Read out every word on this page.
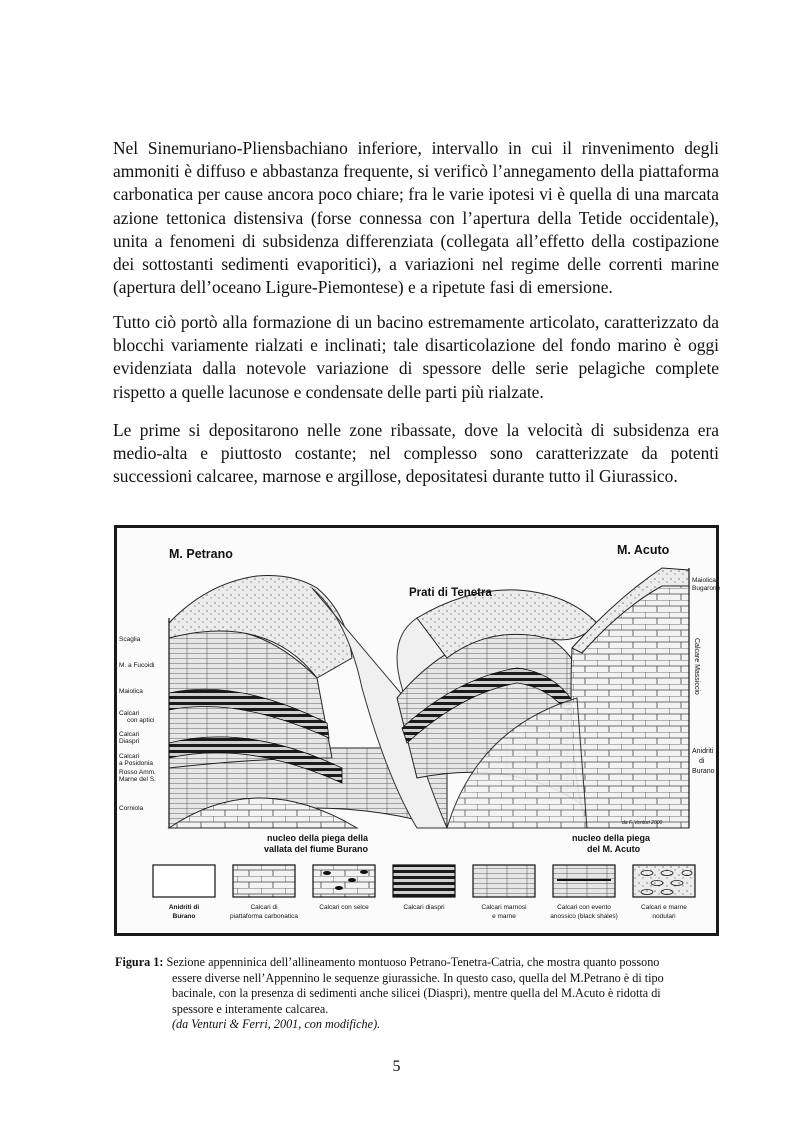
Nel Sinemuriano-Pliensbachiano inferiore, intervallo in cui il rinvenimento degli ammoniti è diffuso e abbastanza frequente, si verificò l’annegamento della piattaforma carbonatica per cause ancora poco chiare; fra le varie ipotesi vi è quella di una marcata azione tettonica distensiva (forse connessa con l’apertura della Tetide occidentale), unita a fenomeni di subsidenza differenziata (collegata all’effetto della costipazione dei sottostanti sedimenti evaporitici), a variazioni nel regime delle correnti marine (apertura dell’oceano Ligure-Piemontese) e a ripetute fasi di emersione.

Tutto ciò portò alla formazione di un bacino estremamente articolato, caratterizzato da blocchi variamente rialzati e inclinati; tale disarticolazione del fondo marino è oggi evidenziata dalla notevole variazione di spessore delle serie pelagiche complete rispetto a quelle lacunose e condensate delle parti più rialzate.

Le prime si depositarono nelle zone ribassate, dove la velocità di subsidenza era medio-alta e piuttosto costante; nel complesso sono caratterizzate da potenti successioni calcaree, marnose e argillose, depositatesi durante tutto il Giurassico.

M. Petrano	M. Acuto
Prati di Tenetra
Scaglia
M. a Fucoidi
Maiolica
Calcari
con aptici
Calcari
Diaspri
Calcari
a Posidonia
Rosso Amm.
Marne del S.
Corniola
Maiolica
Bugarone
Calcare Massiccio
Anidriti
di
Burano
da F. Venturi 2000
nucleo della piega della
vallata del fiume Burano
nucleo della piega
del M. Acuto
Anidriti di
Burano
Calcari di
piattaforma carbonatica
Calcari con selce	Calcari diaspri	Calcari marnosi
e marne
Calcari con evento
anossico (black shales)
Calcari e marne
nodulari
Figura 1: Sezione appenninica dell’allineamento montuoso Petrano-Tenetra-Catria, che mostra quanto possono
essere diverse nell’Appennino le sequenze giurassiche. In questo caso, quella del M.Petrano è di tipo
bacinale, con la presenza di sedimenti anche silicei (Diaspri), mentre quella del M.Acuto è ridotta di
spessore e interamente calcarea.
(da Venturi & Ferri, 2001, con modifiche).
5
